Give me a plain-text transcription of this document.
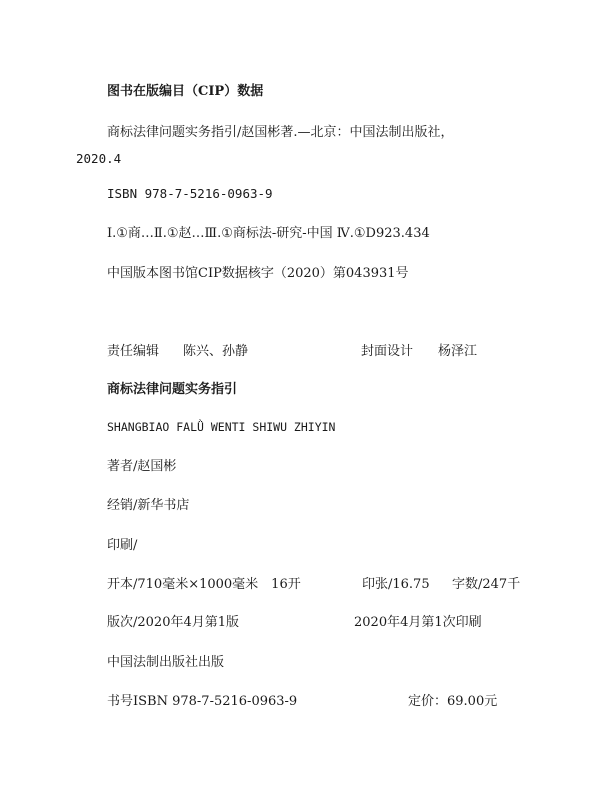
图书在版编目（CIP）数据
商标法律问题实务指引/赵国彬著.—北京：中国法制出版社，
2020.4
ISBN 978-7-5216-0963-9
Ⅰ.①商…Ⅱ.①赵…Ⅲ.①商标法-研究-中国 Ⅳ.①D923.434
中国版本图书馆CIP数据核字（2020）第043931号
责任编辑 陈兴、孙静	封面设计 杨泽江
商标法律问题实务指引
SHANGBIAO FALǛ WENTI SHIWU ZHIYIN
著者/赵国彬
经销/新华书店
印刷/
开本/710毫米×1000毫米　16开	印张/16.75 字数/247千
版次/2020年4月第1版	2020年4月第1次印刷
中国法制出版社出版
书号ISBN 978-7-5216-0963-9	定价：69.00元
